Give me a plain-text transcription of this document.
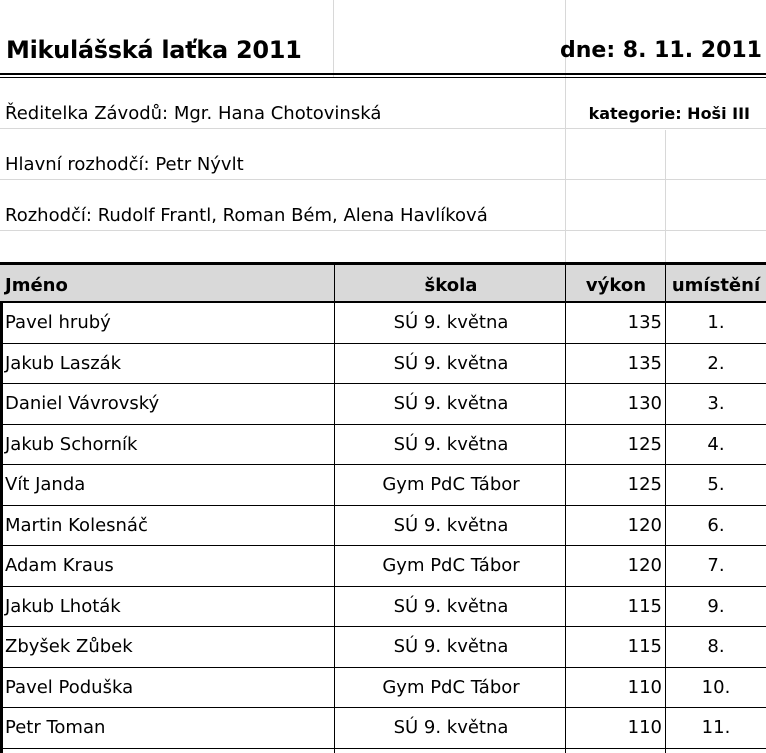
Mikulášská laťka 2011	dne: 8. 11. 2011
Ředitelka Závodů: Mgr. Hana Chotovinská	kategorie: Hoši III
Hlavní rozhodčí: Petr Nývlt
Rozhodčí: Rudolf Frantl, Roman Bém, Alena Havlíková
Jméno	škola	výkon	umístění
Pavel hrubý	SÚ 9. května	135	1.
Jakub Laszák	SÚ 9. května	135	2.
Daniel Vávrovský	SÚ 9. května	130	3.
Jakub Schorník	SÚ 9. května	125	4.
Vít Janda	Gym PdC Tábor	125	5.
Martin Kolesnáč	SÚ 9. května	120	6.
Adam Kraus	Gym PdC Tábor	120	7.
Jakub Lhoták	SÚ 9. května	115	9.
Zbyšek Zůbek	SÚ 9. května	115	8.
Pavel Poduška	Gym PdC Tábor	110	10.
Petr Toman	SÚ 9. května	110	11.
